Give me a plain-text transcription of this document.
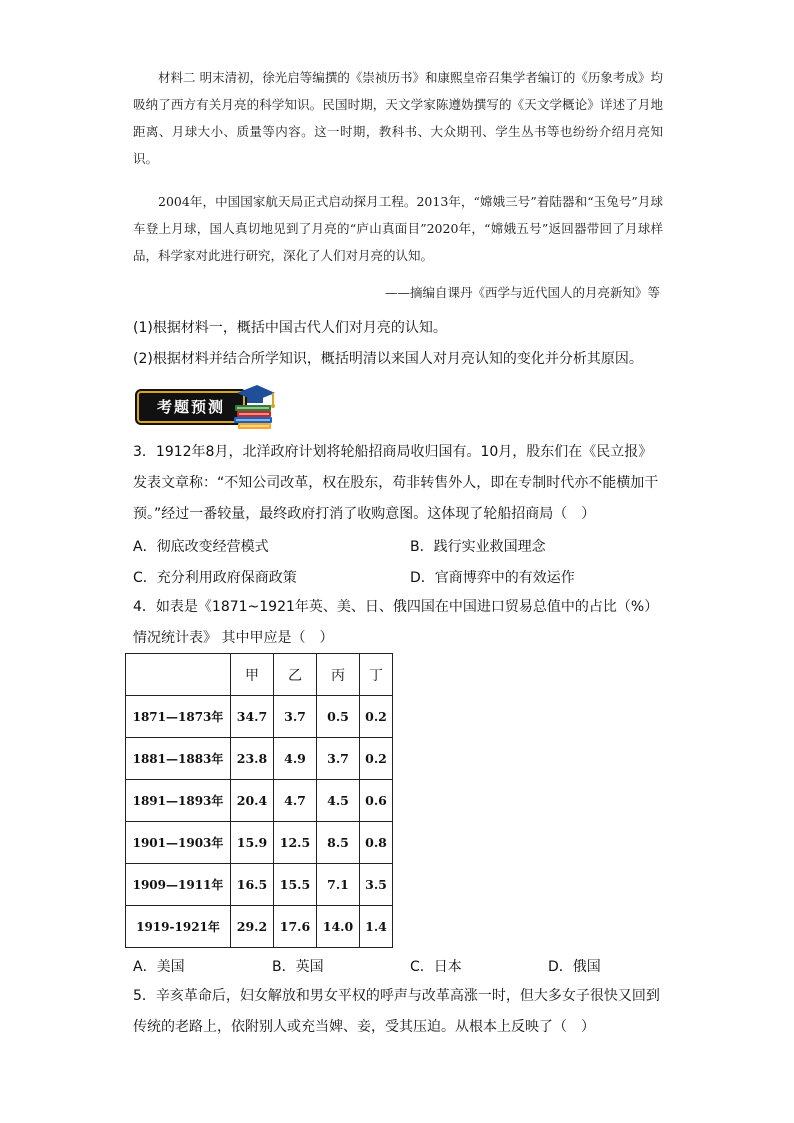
材料二 明末清初，徐光启等编撰的《崇祯历书》和康熙皇帝召集学者编订的《历象考成》均吸纳了西方有关月亮的科学知识。民国时期，天文学家陈遵妫撰写的《天文学概论》详述了月地距离、月球大小、质量等内容。这一时期，教科书、大众期刊、学生丛书等也纷纷介绍月亮知识。

2004年，中国国家航天局正式启动探月工程。2013年，“嫦娥三号”着陆器和“玉兔号”月球车登上月球，国人真切地见到了月亮的“庐山真面目”2020年，“嫦娥五号”返回器带回了月球样品，科学家对此进行研究，深化了人们对月亮的认知。

——摘编自课丹《西学与近代国人的月亮新知》等
(1)根据材料一，概括中国古代人们对月亮的认知。
(2)根据材料并结合所学知识，概括明清以来国人对月亮认知的变化并分析其原因。
考题预测
3．1912年8月，北洋政府计划将轮船招商局收归国有。10月，股东们在《民立报》发表文章称：“不知公司改革，权在股东，苟非转售外人，即在专制时代亦不能横加干预。”经过一番较量，最终政府打消了收购意图。这体现了轮船招商局（　）
A．彻底改变经营模式	B．践行实业救国理念
C．充分利用政府保商政策	D．官商博弈中的有效运作
4．如表是《1871~1921年英、美、日、俄四国在中国进口贸易总值中的占比（%）情况统计表》 其中甲应是（　）
	甲	乙	丙	丁
1871—1873年	34.7	3.7	0.5	0.2
1881—1883年	23.8	4.9	3.7	0.2
1891—1893年	20.4	4.7	4.5	0.6
1901—1903年	15.9	12.5	8.5	0.8
1909—1911年	16.5	15.5	7.1	3.5
1919-1921年	29.2	17.6	14.0	1.4
A．美国	B．英国	C．日本	D．俄国
5．辛亥革命后，妇女解放和男女平权的呼声与改革高涨一时，但大多女子很快又回到传统的老路上，依附别人或充当婢、妾，受其压迫。从根本上反映了（　）
